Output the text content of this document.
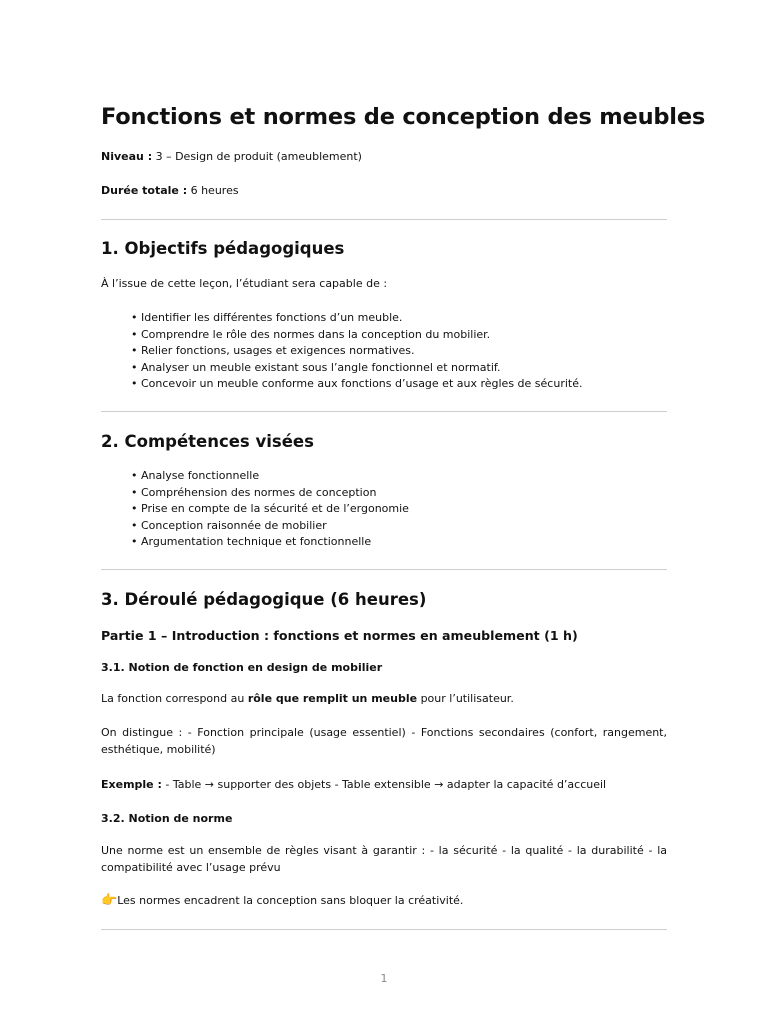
Fonctions et normes de conception des meubles

Niveau : 3 – Design de produit (ameublement)

Durée totale : 6 heures

1. Objectifs pédagogiques

À l’issue de cette leçon, l’étudiant sera capable de :

• Identifier les différentes fonctions d’un meuble.
• Comprendre le rôle des normes dans la conception du mobilier.
• Relier fonctions, usages et exigences normatives.
• Analyser un meuble existant sous l’angle fonctionnel et normatif.
• Concevoir un meuble conforme aux fonctions d’usage et aux règles de sécurité.
2. Compétences visées
• Analyse fonctionnelle
• Compréhension des normes de conception
• Prise en compte de la sécurité et de l’ergonomie
• Conception raisonnée de mobilier
• Argumentation technique et fonctionnelle
3. Déroulé pédagogique (6 heures)
Partie 1 – Introduction : fonctions et normes en ameublement (1 h)
3.1. Notion de fonction en design de mobilier

La fonction correspond au rôle que remplit un meuble pour l’utilisateur.

On distingue : - Fonction principale (usage essentiel) - Fonctions secondaires (confort, rangement, esthétique, mobilité)

Exemple : - Table → supporter des objets - Table extensible → adapter la capacité d’accueil

3.2. Notion de norme

Une norme est un ensemble de règles visant à garantir : - la sécurité - la qualité - la durabilité - la compatibilité avec l’usage prévu

👉Les normes encadrent la conception sans bloquer la créativité.

1
